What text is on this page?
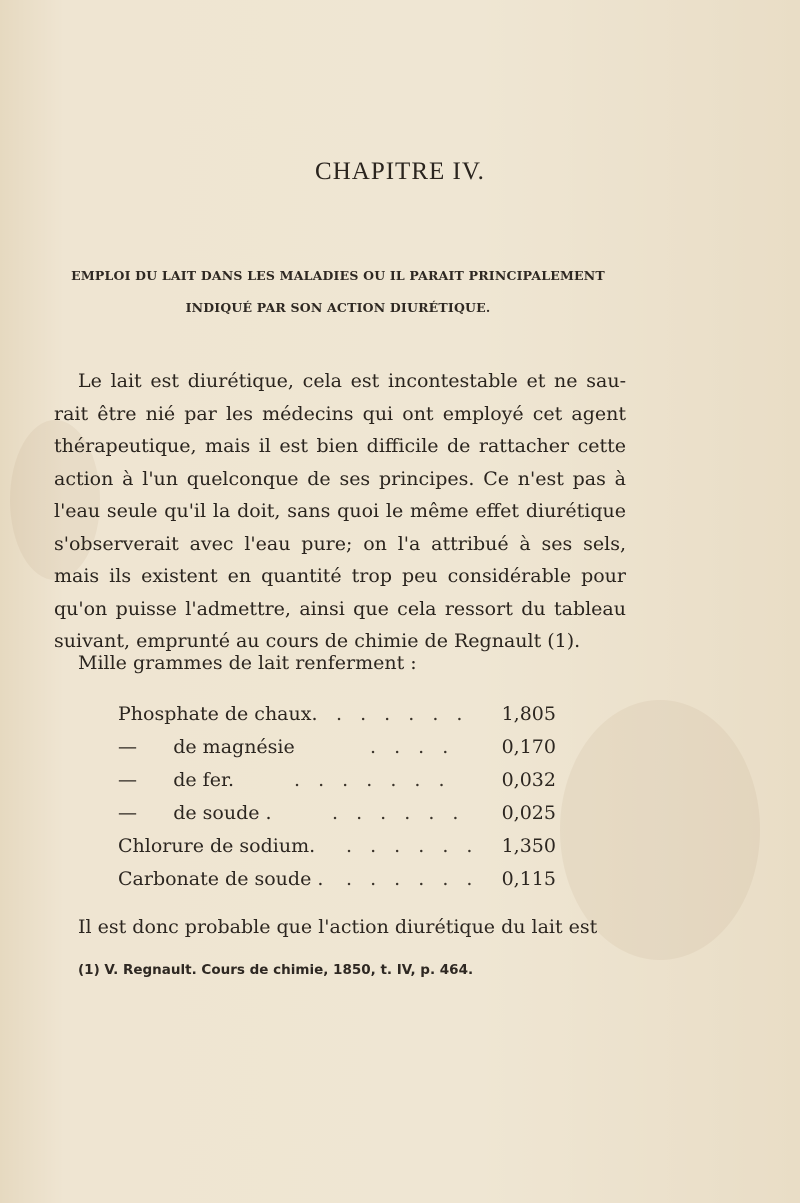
CHAPITRE IV.
EMPLOI DU LAIT DANS LES MALADIES OU IL PARAIT PRINCIPALEMENT
INDIQUÉ PAR SON ACTION DIURÉTIQUE.
Le lait est diurétique, cela est incontestable et ne sau-
rait être nié par les médecins qui ont employé cet agent
thérapeutique, mais il est bien difficile de rattacher cette
action à l'un quelconque de ses principes. Ce n'est pas à
l'eau seule qu'il la doit, sans quoi le même effet diurétique
s'observerait avec l'eau pure; on l'a attribué à ses sels,
mais ils existent en quantité trop peu considérable pour
qu'on puisse l'admettre, ainsi que cela ressort du tableau
suivant, emprunté au cours de chimie de Regnault (1).
Mille grammes de lait renferment :
Phosphate de chaux. . . . . . . 1,805
—      de magnésie	. . . . 0,170
—      de fer.	. . . . . . .	0,032
—      de soude .	. . . . . . 0,025
Chlorure de sodium. . . . . . . 1,350
Carbonate de soude . . . . . . . 0,115
Il est donc probable que l'action diurétique du lait est
(1) V. Regnault. Cours de chimie, 1850, t. IV, p. 464.
